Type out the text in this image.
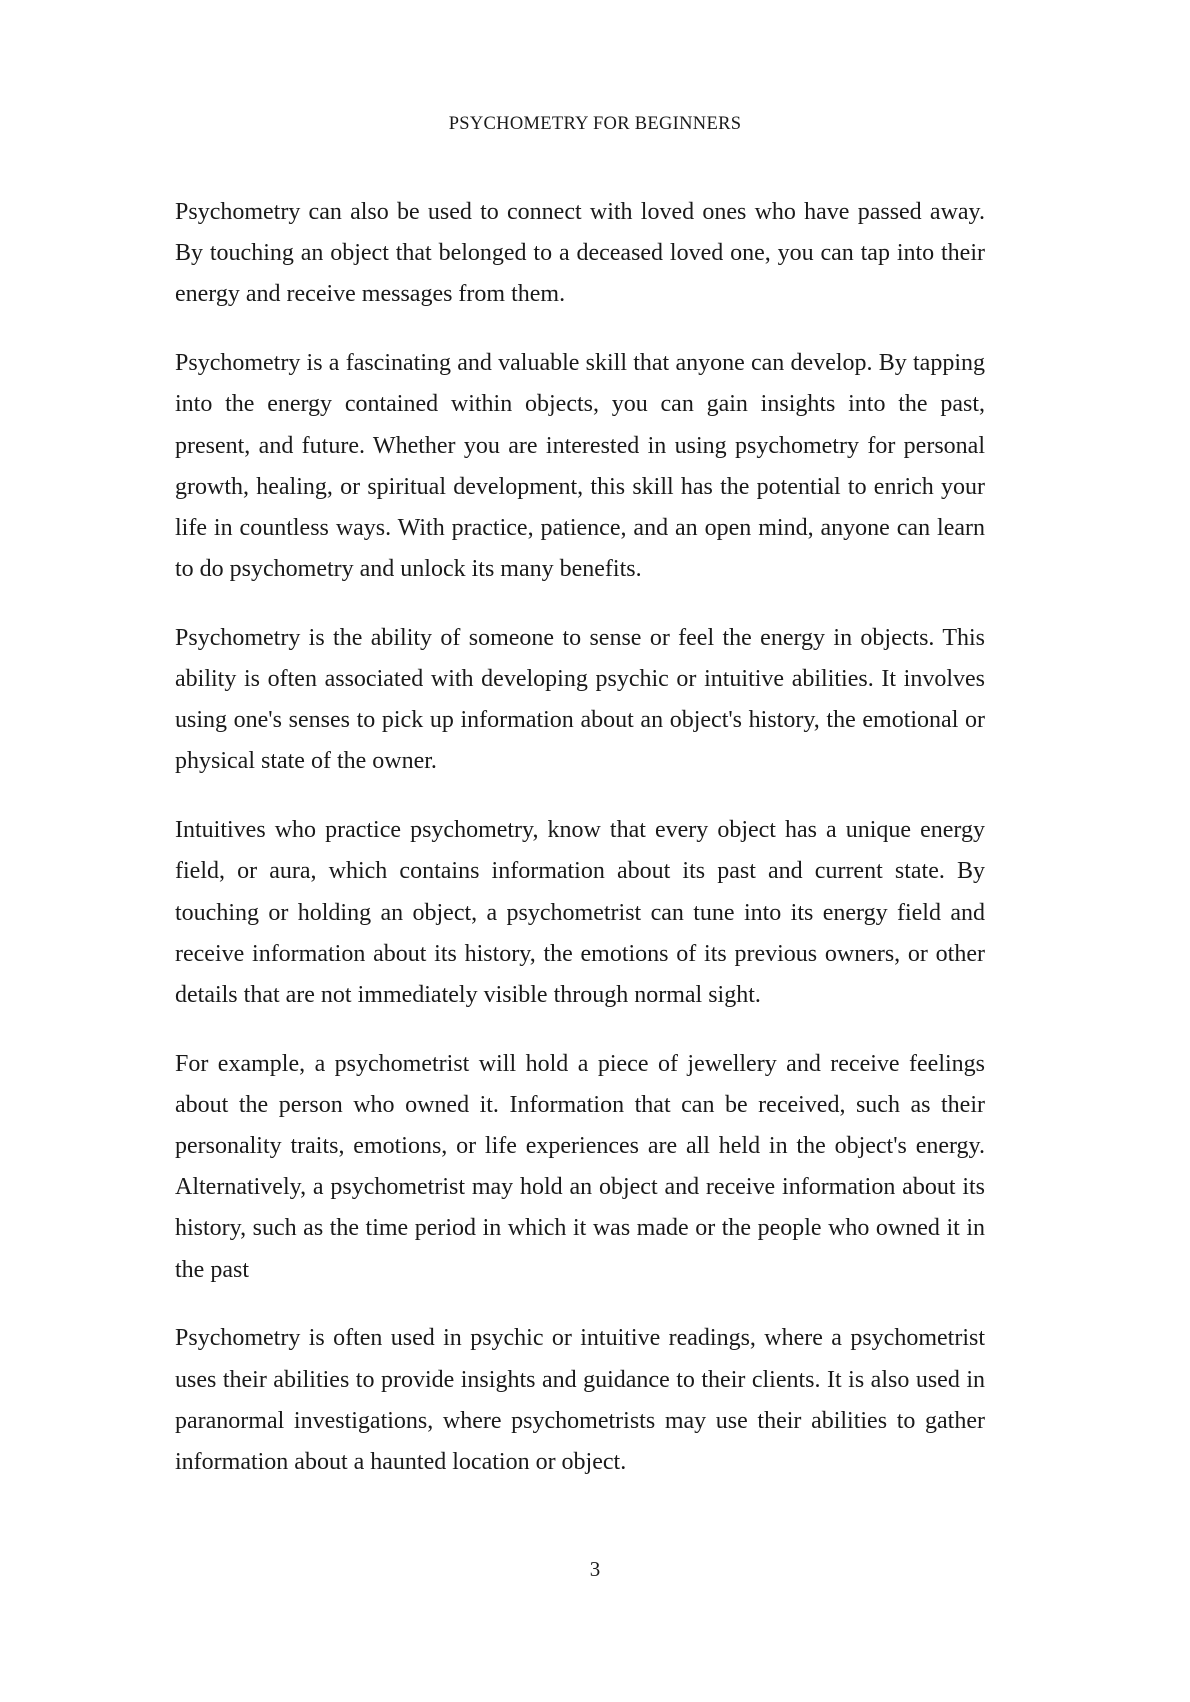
PSYCHOMETRY FOR BEGINNERS

Psychometry can also be used to connect with loved ones who have passed away. By touching an object that belonged to a deceased loved one, you can tap into their energy and receive messages from them.

Psychometry is a fascinating and valuable skill that anyone can develop. By tapping into the energy contained within objects, you can gain insights into the past, present, and future. Whether you are interested in using psychometry for personal growth, healing, or spiritual development, this skill has the potential to enrich your life in countless ways. With practice, patience, and an open mind, anyone can learn to do psychometry and unlock its many benefits.

Psychometry is the ability of someone to sense or feel the energy in objects. This ability is often associated with developing psychic or intuitive abilities. It involves using one's senses to pick up information about an object's history, the emotional or physical state of the owner.

Intuitives who practice psychometry, know that every object has a unique energy field, or aura, which contains information about its past and current state. By touching or holding an object, a psychometrist can tune into its energy field and receive information about its history, the emotions of its previous owners, or other details that are not immediately visible through normal sight.

For example, a psychometrist will hold a piece of jewellery and receive feelings about the person who owned it. Information that can be received, such as their personality traits, emotions, or life experiences are all held in the object's energy. Alternatively, a psychometrist may hold an object and receive information about its history, such as the time period in which it was made or the people who owned it in the past

Psychometry is often used in psychic or intuitive readings, where a psychometrist uses their abilities to provide insights and guidance to their clients. It is also used in paranormal investigations, where psychometrists may use their abilities to gather information about a haunted location or object.

3
